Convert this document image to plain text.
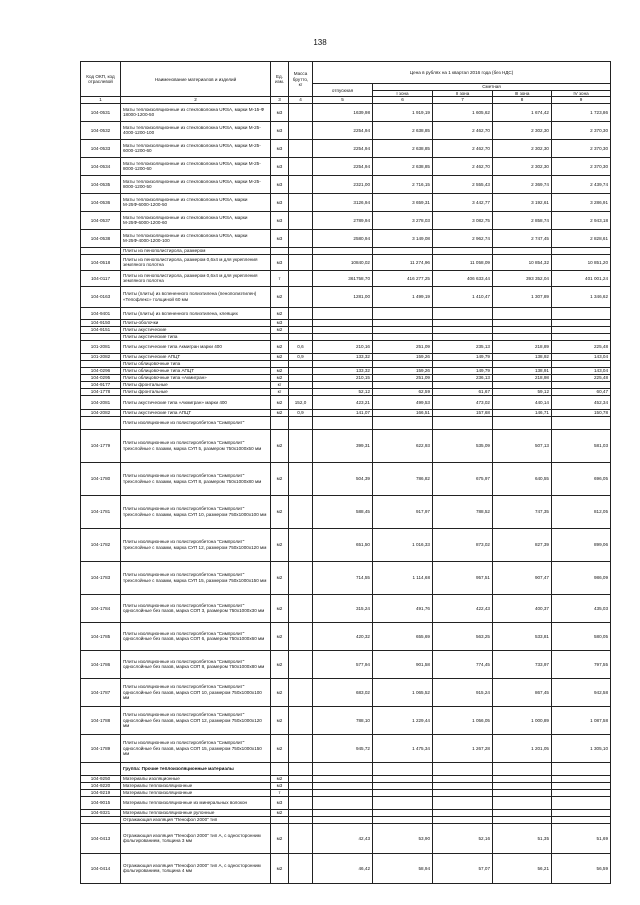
138
Код ОКП, код отраслевой	Наименование материалов и изделий	Ед. изм.	Масса брутто, кг	Цена в рублях на 1 квартал 2016 года (без НДС)				
				отпускная	Сметная			
					I зона	II зона	III зона	IV зона
1	2	3	4	5	6	7	8	9
104-0531	Маты теплоизоляционные из стекловолокна URSA, марки М-15-Ф 18000-1200-50	м3		1639,98	1 919,19	1 605,62	1 674,42	1 723,86
104-0532	Маты теплоизоляционные из стекловолокна URSA, марки М-25-4000-1200-100	м3		2254,94	2 638,85	2 462,70	2 302,30	2 370,30
104-0533	Маты теплоизоляционные из стекловолокна URSA, марки М-25-6000-1200-60	м3		2254,94	2 638,85	2 462,70	2 302,30	2 370,30
104-0534	Маты теплоизоляционные из стекловолокна URSA, марки М-25-8000-1200-60	м3		2254,94	2 638,85	2 462,70	2 302,30	2 370,30
104-0535	Маты теплоизоляционные из стекловолокна URSA, марки М-25-8000-1200-50	м3		2321,00	2 716,15	2 555,43	2 369,74	2 439,74
104-0536	Маты теплоизоляционные из стекловолокна URSA, марки М-25Ф-6000-1200-50	м3		3126,94	3 659,31	3 442,77	3 192,61	3 286,91
104-0537	Маты теплоизоляционные из стекловолокна URSA, марки М-25Ф-6000-1200-60	м3		2789,94	3 278,03	3 082,75	2 858,74	2 943,18
104-0538	Маты теплоизоляционные из стекловолокна URSA, марки М-25Ф-4000-1200-100	м3		2580,94	3 149,08	2 962,74	2 747,45	2 828,61
	Плиты из пенополистирола, размером							
104-0518	Плиты из пенополистирола, размером 0,6х4 м для укрепления земляного полотна	м3		10840,02	11 274,96	11 058,09	10 854,32	10 851,20
104-0117	Плиты из пенополистирола, размером 0,6х4 м для укрепления земляного полотна	т		361758,70	416 277,25	406 633,44	393 352,04	401 001,24
104-0163	Плиты (плиты) из вспененного полиэтилена (пенополиэтилен) «Тепофлекс» толщиной 60 мм	м2		1281,00	1 499,19	1 410,47	1 307,89	1 346,62
104-9401	Плиты (плиты) из вспененного полиэтилена, клеящих	м2						
104-9150	Плиты-оболочки	м3						
104-9151	Плиты акустические	м2						
	Плиты акустические типа							
101-2081	Плиты акустические типа Акмигран марки 400	м2	0,6	210,16	251,09	235,13	218,89	225,48
101-2082	Плиты акустические АПЦТ	м2	0,9	133,32	159,26	149,79	138,92	143,04
	Плиты облицовочные типа							
104-0296	Плиты облицовочные типа АПЦТ	м2		133,32	159,26	149,79	138,91	143,04
104-0295	Плиты облицовочные типа «Акмигран»	м2		210,15	251,09	236,13	218,98	225,48
104-9177	Плиты фронтальные	кг						
104-1778	Плиты фронтальные	кг		52,12	62,59	61,67	59,12	60,47
104-2081	Плиты акустические типа «Акмигран» марки 400	м2	152,0	423,21	499,53	473,02	440,14	452,34
104-2082	Плиты акустические типа АПЦТ	м2	0,9	141,07	166,51	157,68	146,71	150,78
	Плиты изоляционные из полистиролбетона "Симпролит"							
104-1779	Плиты изоляционные из полистиролбетона "Симпролит" трехслойные с пазами, марка СУП 5, размером 750х1000х50 мм	м2		399,31	622,93	535,09	507,13	581,03
104-1780	Плиты изоляционные из полистиролбетона "Симпролит" трехслойные с пазами, марка СУП 8, размером 750х1000х80 мм	м2		504,39	786,82	675,97	640,55	696,05
104-1781	Плиты изоляционные из полистиролбетона "Симпролит" трехслойные с пазами, марка СУП 10, размером 750х1000х100 мм	м2		588,45	917,97	788,52	747,35	812,05
104-1782	Плиты изоляционные из полистиролбетона "Симпролит" трехслойные с пазами, марка СУП 12, размером 750х1000х120 мм	м2		651,50	1 016,33	873,02	827,39	899,06
104-1783	Плиты изоляционные из полистиролбетона "Симпролит" трехслойные с пазами, марка СУП 15, размером 750х1000х150 мм	м2		714,55	1 114,68	957,51	907,47	986,09
104-1784	Плиты изоляционные из полистиролбетона "Симпролит" однослойные без пазов, марка СОП 3, размером 750х1000х30 мм	м2		315,24	491,76	422,43	400,37	435,03
104-1785	Плиты изоляционные из полистиролбетона "Симпролит" однослойные без пазов, марка СОП 6, размером 750х1000х60 мм	м2		420,32	655,69	563,25	533,81	580,05
104-1786	Плиты изоляционные из полистиролбетона "Симпролит" однослойные без пазов, марка СОП 8, размером 750х1000х80 мм	м2		577,94	901,58	774,45	733,97	797,55
104-1787	Плиты изоляционные из полистиролбетона "Симпролит" однослойные без пазов, марка СОП 10, размером 750х1000х100 мм	м2		683,02	1 065,52	915,24	867,45	942,58
104-1788	Плиты изоляционные из полистиролбетона "Симпролит" однослойные без пазов, марка СОП 12, размером 750х1000х120 мм	м2		788,10	1 229,44	1 056,05	1 000,89	1 087,58
104-1789	Плиты изоляционные из полистиролбетона "Симпролит" однослойные без пазов, марка СОП 15, размером 750х1000х150 мм	м2		945,72	1 475,34	1 267,28	1 201,05	1 305,10
	Группа: Прочие теплоизоляционные материалы							
104-9250	Материалы изоляционные	м2						
104-9220	Материалы теплоизоляционные	м3						
104-9219	Материалы теплоизоляционные	т						
104-9015	Материалы теплоизоляционные из минеральных волокон	м3						
104-9321	Материалы теплоизоляционные рулонные	м2						
	Отражающая изоляция "Пенофол 2000" тип							
104-0413	Отражающая изоляция "Пенофол 2000" тип А, с односторонним фольгированием, толщина 3 мм	м2		42,43	53,90	52,16	51,35	51,69
104-0414	Отражающая изоляция "Пенофол 2000" тип А, с односторонним фольгированием, толщина 4 мм	м2		46,42	58,94	57,07	56,21	56,59
